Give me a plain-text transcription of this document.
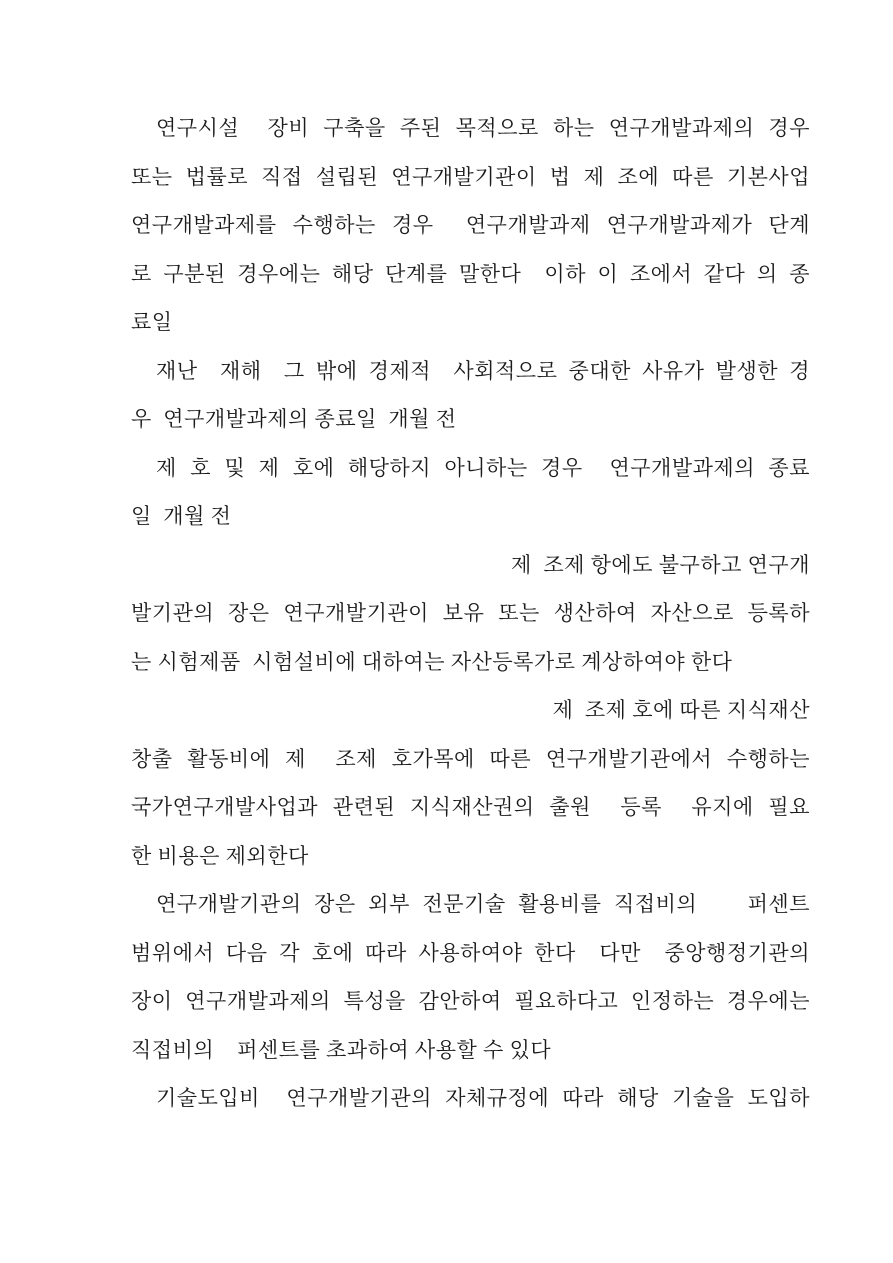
연구시설  장비 구축을 주된 목적으로 하는 연구개발과제의 경우
또는 법률로 직접 설립된 연구개발기관이 법 제 조에 따른 기본사업
연구개발과제를 수행하는 경우  연구개발과제 연구개발과제가 단계
로 구분된 경우에는 해당 단계를 말한다  이하 이 조에서 같다 의 종
료일
재난  재해  그 밖에 경제적  사회적으로 중대한 사유가 발생한 경
우  연구개발과제의 종료일  개월 전
제 호 및 제 호에 해당하지 아니하는 경우  연구개발과제의 종료
일  개월 전
제  조제 항에도 불구하고 연구개
발기관의 장은 연구개발기관이 보유 또는 생산하여 자산으로 등록하
는 시험제품  시험설비에 대하여는 자산등록가로 계상하여야 한다
제  조제 호에 따른 지식재산
창출 활동비에 제  조제 호가목에 따른 연구개발기관에서 수행하는
국가연구개발사업과 관련된 지식재산권의 출원  등록  유지에 필요
한 비용은 제외한다
연구개발기관의 장은 외부 전문기술 활용비를 직접비의    퍼센트
범위에서 다음 각 호에 따라 사용하여야 한다  다만  중앙행정기관의
장이 연구개발과제의 특성을 감안하여 필요하다고 인정하는 경우에는
직접비의    퍼센트를 초과하여 사용할 수 있다
기술도입비  연구개발기관의 자체규정에 따라 해당 기술을 도입하
